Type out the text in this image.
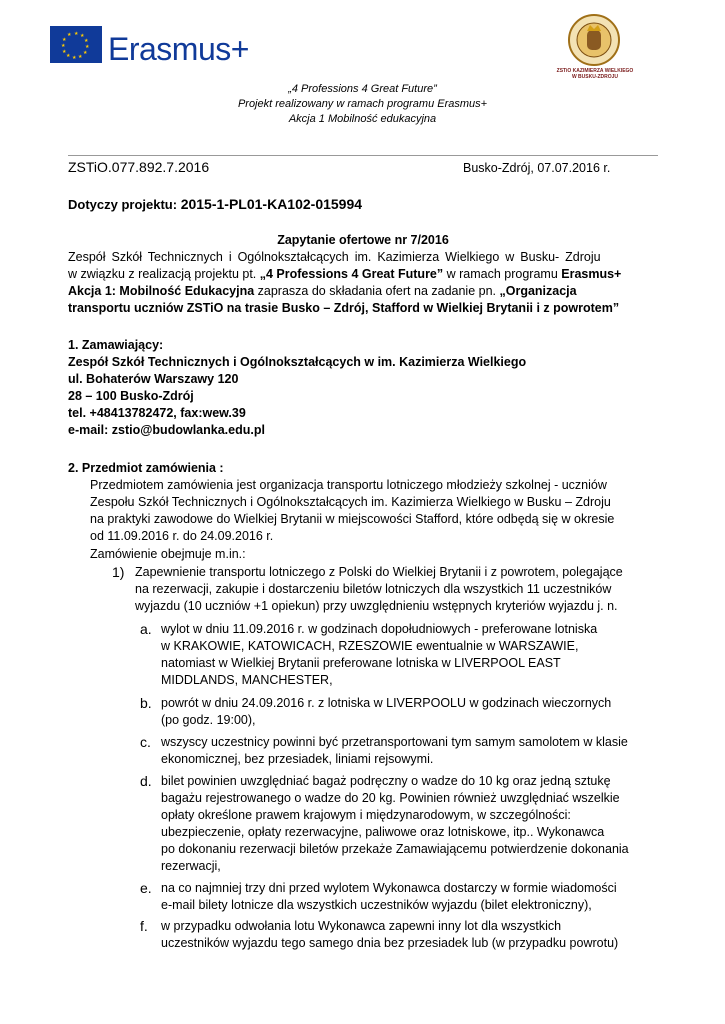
★ ★
★
★
★
★
★
★
★
★
★
★ Erasmus+
ZSTiO KAZIMIERZA WIELKIEGO W BUSKU-ZDROJU
„4 Professions 4 Great Future”
Projekt realizowany w ramach programu Erasmus+
Akcja 1 Mobilność edukacyjna
ZSTiO.077.892.7.2016	Busko-Zdrój, 07.07.2016 r.
Dotyczy projektu: 2015-1-PL01-KA102-015994
Zapytanie ofertowe nr 7/2016
Zespół Szkół Technicznych i Ogólnokształcących im. Kazimierza Wielkiego w Busku- Zdroju
w związku z realizacją projektu pt. „4 Professions 4 Great Future” w ramach programu Erasmus+
Akcja 1: Mobilność Edukacyjna zaprasza do składania ofert na zadanie pn. „Organizacja
transportu uczniów ZSTiO na trasie Busko – Zdrój, Stafford w Wielkiej Brytanii i z powrotem”
1. Zamawiający:
Zespół Szkół Technicznych i Ogólnokształcących w im. Kazimierza Wielkiego
ul. Bohaterów Warszawy 120
28 – 100 Busko-Zdrój
tel. +48413782472, fax:wew.39
e-mail: zstio@budowlanka.edu.pl
2. Przedmiot zamówienia :
Przedmiotem zamówienia jest organizacja transportu lotniczego młodzieży szkolnej - uczniów
Zespołu Szkół Technicznych i Ogólnokształcących im. Kazimierza Wielkiego w Busku – Zdroju
na praktyki zawodowe do Wielkiej Brytanii w miejscowości Stafford, które odbędą się w okresie
od 11.09.2016 r. do 24.09.2016 r.
Zamówienie obejmuje m.in.:
1) Zapewnienie transportu lotniczego z Polski do Wielkiej Brytanii i z powrotem, polegające
na rezerwacji, zakupie i dostarczeniu biletów lotniczych dla wszystkich 11 uczestników
wyjazdu (10 uczniów +1 opiekun) przy uwzględnieniu wstępnych kryteriów wyjazdu j. n.
a. wylot w dniu 11.09.2016 r. w godzinach dopołudniowych - preferowane lotniska
w KRAKOWIE, KATOWICACH, RZESZOWIE ewentualnie w WARSZAWIE,
natomiast w Wielkiej Brytanii preferowane lotniska w LIVERPOOL EAST
MIDDLANDS, MANCHESTER,
b. powrót w dniu 24.09.2016 r. z lotniska w LIVERPOOLU w godzinach wieczornych
(po godz. 19:00),
c. wszyscy uczestnicy powinni być przetransportowani tym samym samolotem w klasie
ekonomicznej, bez przesiadek, liniami rejsowymi.
d. bilet powinien uwzględniać bagaż podręczny o wadze do 10 kg oraz jedną sztukę
bagażu rejestrowanego o wadze do 20 kg. Powinien również uwzględniać wszelkie
opłaty określone prawem krajowym i międzynarodowym, w szczególności:
ubezpieczenie, opłaty rezerwacyjne, paliwowe oraz lotniskowe, itp.. Wykonawca
po dokonaniu rezerwacji biletów przekaże Zamawiającemu potwierdzenie dokonania
rezerwacji,
e. na co najmniej trzy dni przed wylotem Wykonawca dostarczy w formie wiadomości
e-mail bilety lotnicze dla wszystkich uczestników wyjazdu (bilet elektroniczny),
f. w przypadku odwołania lotu Wykonawca zapewni inny lot dla wszystkich
uczestników wyjazdu tego samego dnia bez przesiadek lub (w przypadku powrotu)
